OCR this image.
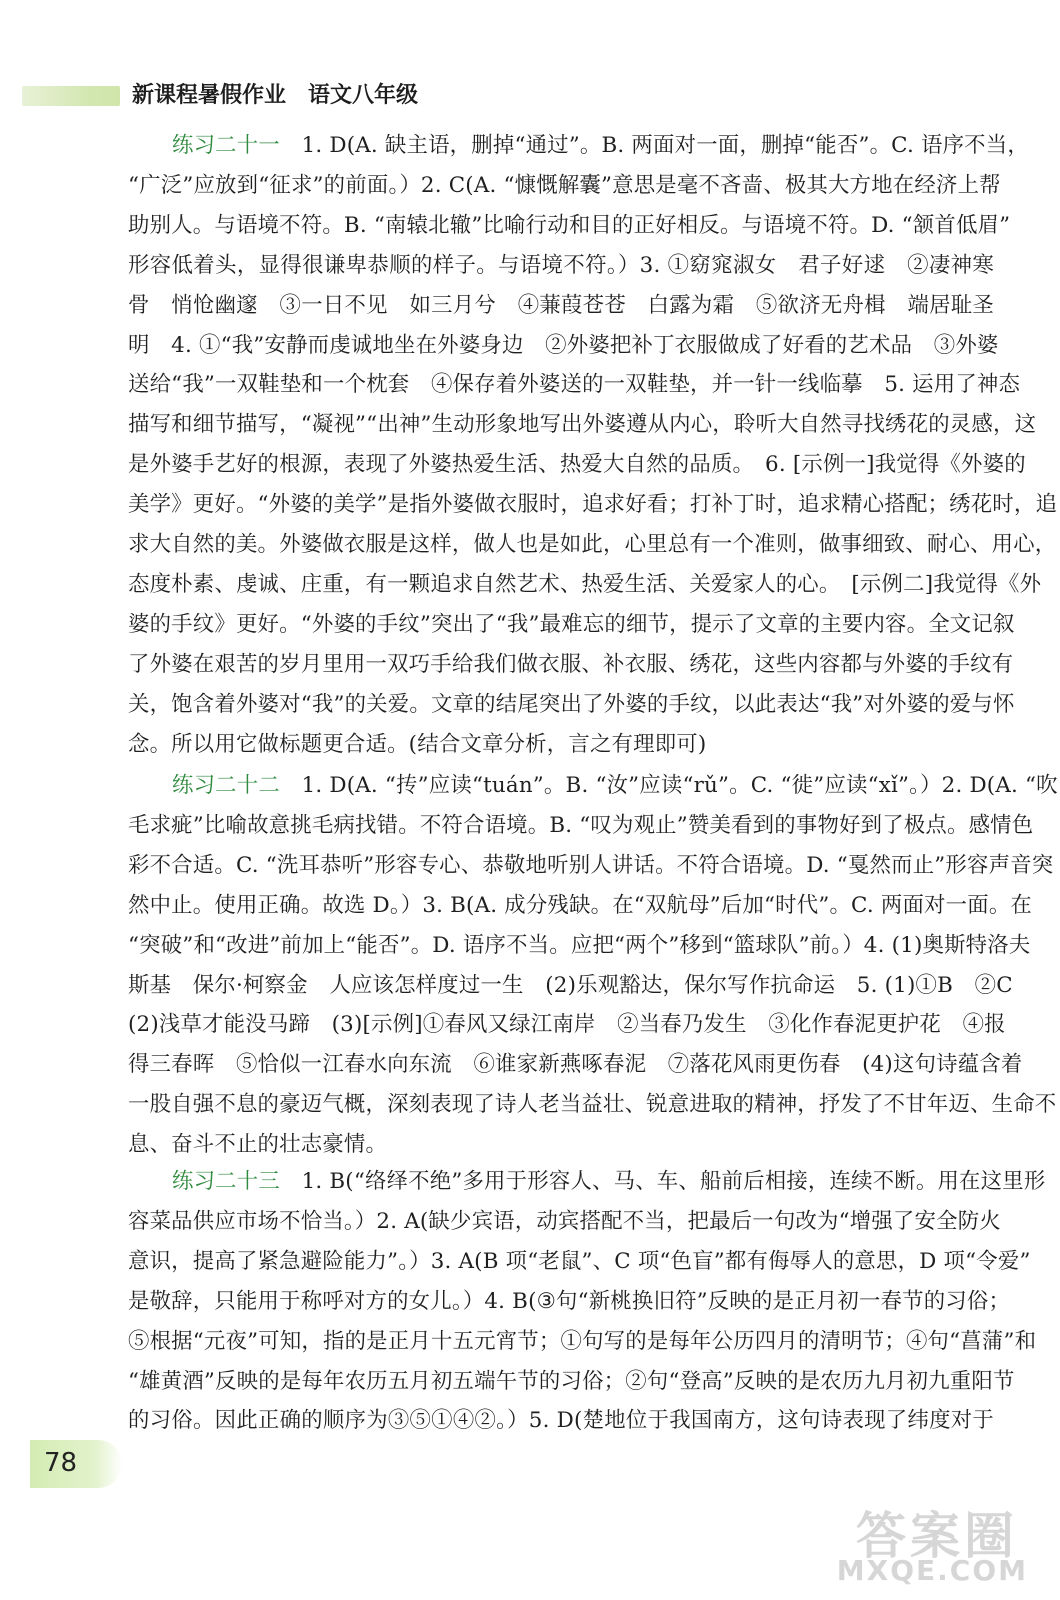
新课程暑假作业　语文八年级
练习二十一　 1. D(A. 缺主语，删掉“通过”。B. 两面对一面，删掉“能否”。C. 语序不当，
“广泛”应放到“征求”的前面。）2. C(A. “慷慨解囊”意思是毫不吝啬、极其大方地在经济上帮
助别人。与语境不符。B. “南辕北辙”比喻行动和目的正好相反。与语境不符。D. “颔首低眉”
形容低着头，显得很谦卑恭顺的样子。与语境不符。）3. ①窈窕淑女　君子好逑　②凄神寒
骨　悄怆幽邃　③一日不见　如三月兮　④蒹葭苍苍　白露为霜　⑤欲济无舟楫　端居耻圣
明　4. ①“我”安静而虔诚地坐在外婆身边　②外婆把补丁衣服做成了好看的艺术品　③外婆
送给“我”一双鞋垫和一个枕套　④保存着外婆送的一双鞋垫，并一针一线临摹　5. 运用了神态
描写和细节描写，“凝视”“出神”生动形象地写出外婆遵从内心，聆听大自然寻找绣花的灵感，这
是外婆手艺好的根源，表现了外婆热爱生活、热爱大自然的品质。　6. [示例一]我觉得《外婆的
美学》更好。“外婆的美学”是指外婆做衣服时，追求好看；打补丁时，追求精心搭配；绣花时，追
求大自然的美。外婆做衣服是这样，做人也是如此，心里总有一个准则，做事细致、耐心、用心，
态度朴素、虔诚、庄重，有一颗追求自然艺术、热爱生活、关爱家人的心。　[示例二]我觉得《外
婆的手纹》更好。“外婆的手纹”突出了“我”最难忘的细节，提示了文章的主要内容。全文记叙
了外婆在艰苦的岁月里用一双巧手给我们做衣服、补衣服、绣花，这些内容都与外婆的手纹有
关，饱含着外婆对“我”的关爱。文章的结尾突出了外婆的手纹，以此表达“我”对外婆的爱与怀
念。所以用它做标题更合适。(结合文章分析，言之有理即可)
练习二十二　 1. D(A. “抟”应读“tuán”。B. “汝”应读“rǔ”。C. “徙”应读“xǐ”。）2. D(A. “吹
毛求疵”比喻故意挑毛病找错。不符合语境。B. “叹为观止”赞美看到的事物好到了极点。感情色
彩不合适。C. “洗耳恭听”形容专心、恭敬地听别人讲话。不符合语境。D. “戛然而止”形容声音突
然中止。使用正确。故选 D。）3. B(A. 成分残缺。在“双航母”后加“时代”。C. 两面对一面。在
“突破”和“改进”前加上“能否”。D. 语序不当。应把“两个”移到“篮球队”前。）4. (1)奥斯特洛夫
斯基　保尔·柯察金　人应该怎样度过一生　(2)乐观豁达，保尔写作抗命运　5. (1)①B　②C
(2)浅草才能没马蹄　(3)[示例]①春风又绿江南岸　②当春乃发生　③化作春泥更护花　④报
得三春晖　⑤恰似一江春水向东流　⑥谁家新燕啄春泥　⑦落花风雨更伤春　(4)这句诗蕴含着
一股自强不息的豪迈气概，深刻表现了诗人老当益壮、锐意进取的精神，抒发了不甘年迈、生命不
息、奋斗不止的壮志豪情。
练习二十三　 1. B(“络绎不绝”多用于形容人、马、车、船前后相接，连续不断。用在这里形
容菜品供应市场不恰当。）2. A(缺少宾语，动宾搭配不当，把最后一句改为“增强了安全防火
意识，提高了紧急避险能力”。）3. A(B 项“老鼠”、C 项“色盲”都有侮辱人的意思，D 项“令爱”
是敬辞，只能用于称呼对方的女儿。）4. B(③句“新桃换旧符”反映的是正月初一春节的习俗；
⑤根据“元夜”可知，指的是正月十五元宵节；①句写的是每年公历四月的清明节；④句“菖蒲”和
“雄黄酒”反映的是每年农历五月初五端午节的习俗；②句“登高”反映的是农历九月初九重阳节
的习俗。因此正确的顺序为③⑤①④②。）5. D(楚地位于我国南方，这句诗表现了纬度对于
78
答案圈
MXQE.COM
